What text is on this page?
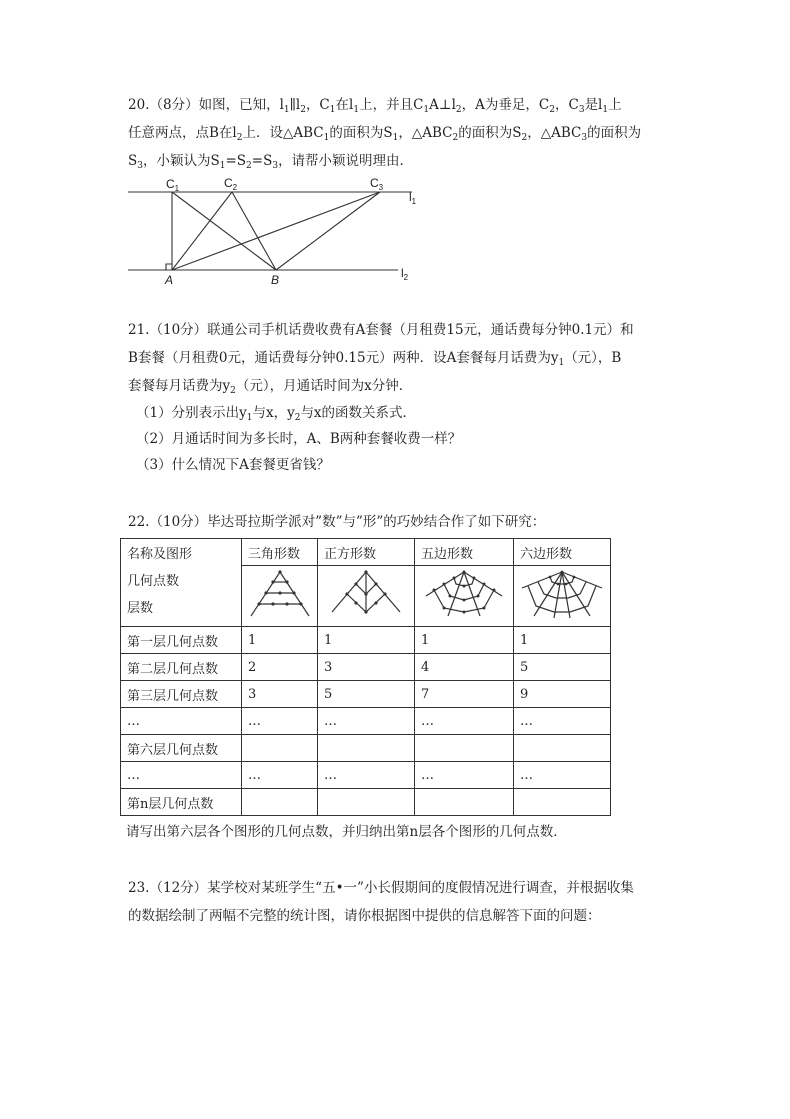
20.（8分）如图，已知，$l_1\parallel l_2$，$C_1$在$l_1$上，并且$C_1A\perp l_2$，A为垂足，$C_2$，$C_3$是$l_1$上
任意两点，点B在$l_2$上．设$\triangle ABC_1$的面积为$S_1$，$\triangle ABC_2$的面积为$S_2$，$\triangle ABC_3$的面积为
$S_3$，小颖认为$S_1=S_2=S_3$，请帮小颖说明理由．
$C_1$	$C_2$	$C_3$
A	B
$l_1$
$l_2$
21.（10分）联通公司手机话费收费有A套餐（月租费15元，通话费每分钟0.1元）和
B套餐（月租费0元，通话费每分钟0.15元）两种．设A套餐每月话费为$y_1$（元），B
套餐每月话费为$y_2$（元），月通话时间为x分钟．
（1）分别表示出$y_1$与x，$y_2$与x的函数关系式．
（2）月通话时间为多长时，A、B两种套餐收费一样？
（3）什么情况下A套餐更省钱？
22.（10分）毕达哥拉斯学派对”数”与”形”的巧妙结合作了如下研究：
名称及图形
几何点数
层数	三角形数	正方形数	五边形数	六边形数

第一层几何点数	1	1	1	1
第二层几何点数	2	3	4	5
第三层几何点数	3	5	7	9
…	…	…	…	…
第六层几何点数				
…	…	…	…	…
第n层几何点数				
请写出第六层各个图形的几何点数，并归纳出第n层各个图形的几何点数．
23.（12分）某学校对某班学生“五•一”小长假期间的度假情况进行调查，并根据收集
的数据绘制了两幅不完整的统计图，请你根据图中提供的信息解答下面的问题：
